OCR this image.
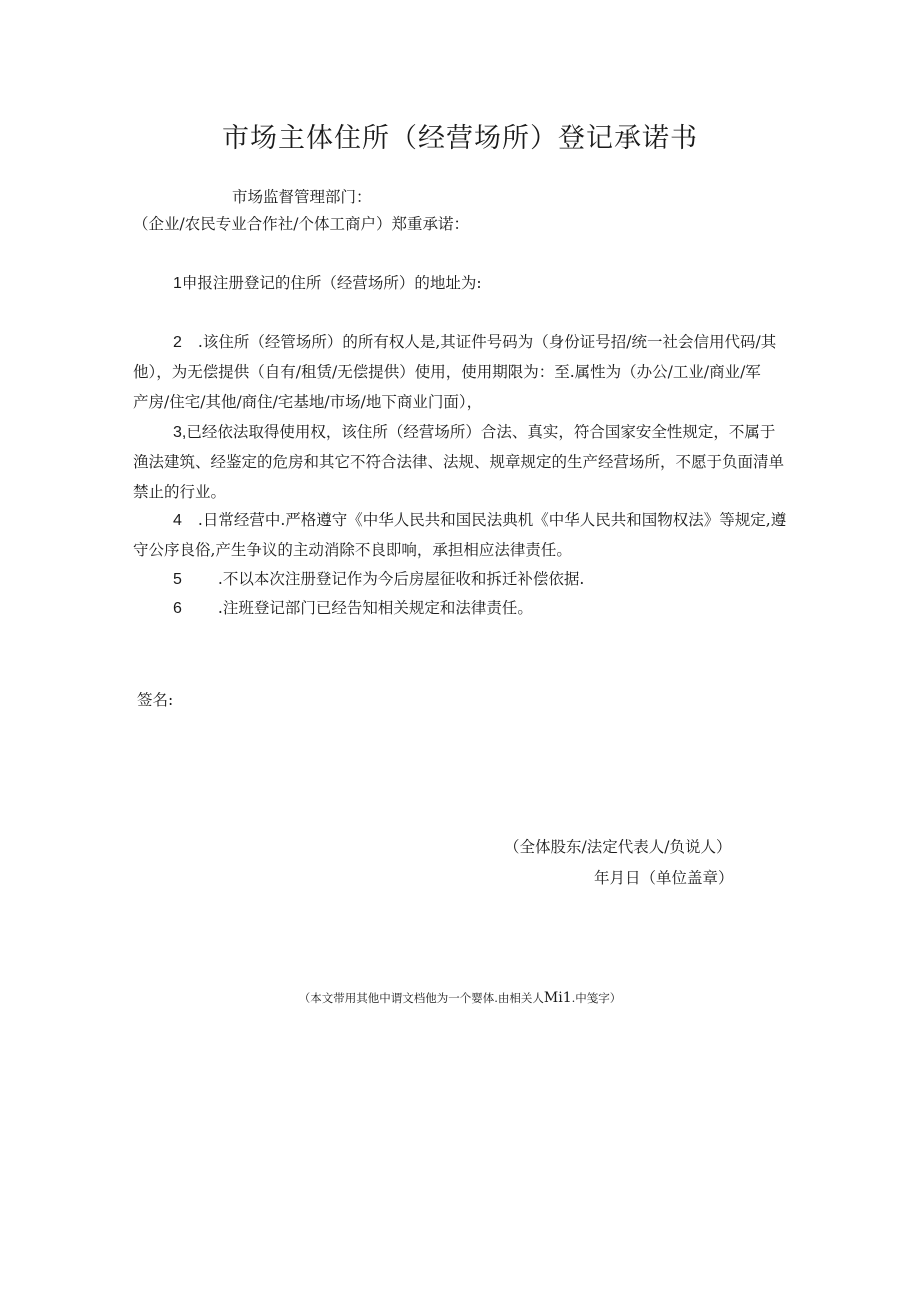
市场主体住所（经营场所）登记承诺书
市场监督管理部门：
（企业/农民专业合作社/个体工商户）郑重承诺：
1申报注册登记的住所（经营场所）的地址为:
2 .该住所（经管场所）的所有权人是,其证件号码为（身份证号招/统一社会信用代码/其
他），为无偿提供（自有/租赁/无偿提供）使用，使用期限为：至.属性为（办公/工业/商业/军
产房/住宅/其他/商住/宅基地/市场/地下商业门面），
3,已经依法取得使用权，该住所（经营场所）合法、真实，符合国家安全性规定，不属于
渔法建筑、经鉴定的危房和其它不符合法律、法规、规章规定的生产经营场所，不愿于负面清单
禁止的行业。
4 .日常经营中.严格遵守《中华人民共和国民法典机《中华人民共和国物权法》等规定,遵
守公序良俗,产生争议的主动消除不良即响，承担相应法律责任。
5 .不以本次注册登记作为今后房屋征收和拆迁补偿依据.
6 .注班登记部门已经告知相关规定和法律责任。
签名:
（全体股东/法定代表人/负说人）
年月日（单位盖章）
（本文带用其他中谓文档他为一个婴体.由相关人Mi1.中笺字）
